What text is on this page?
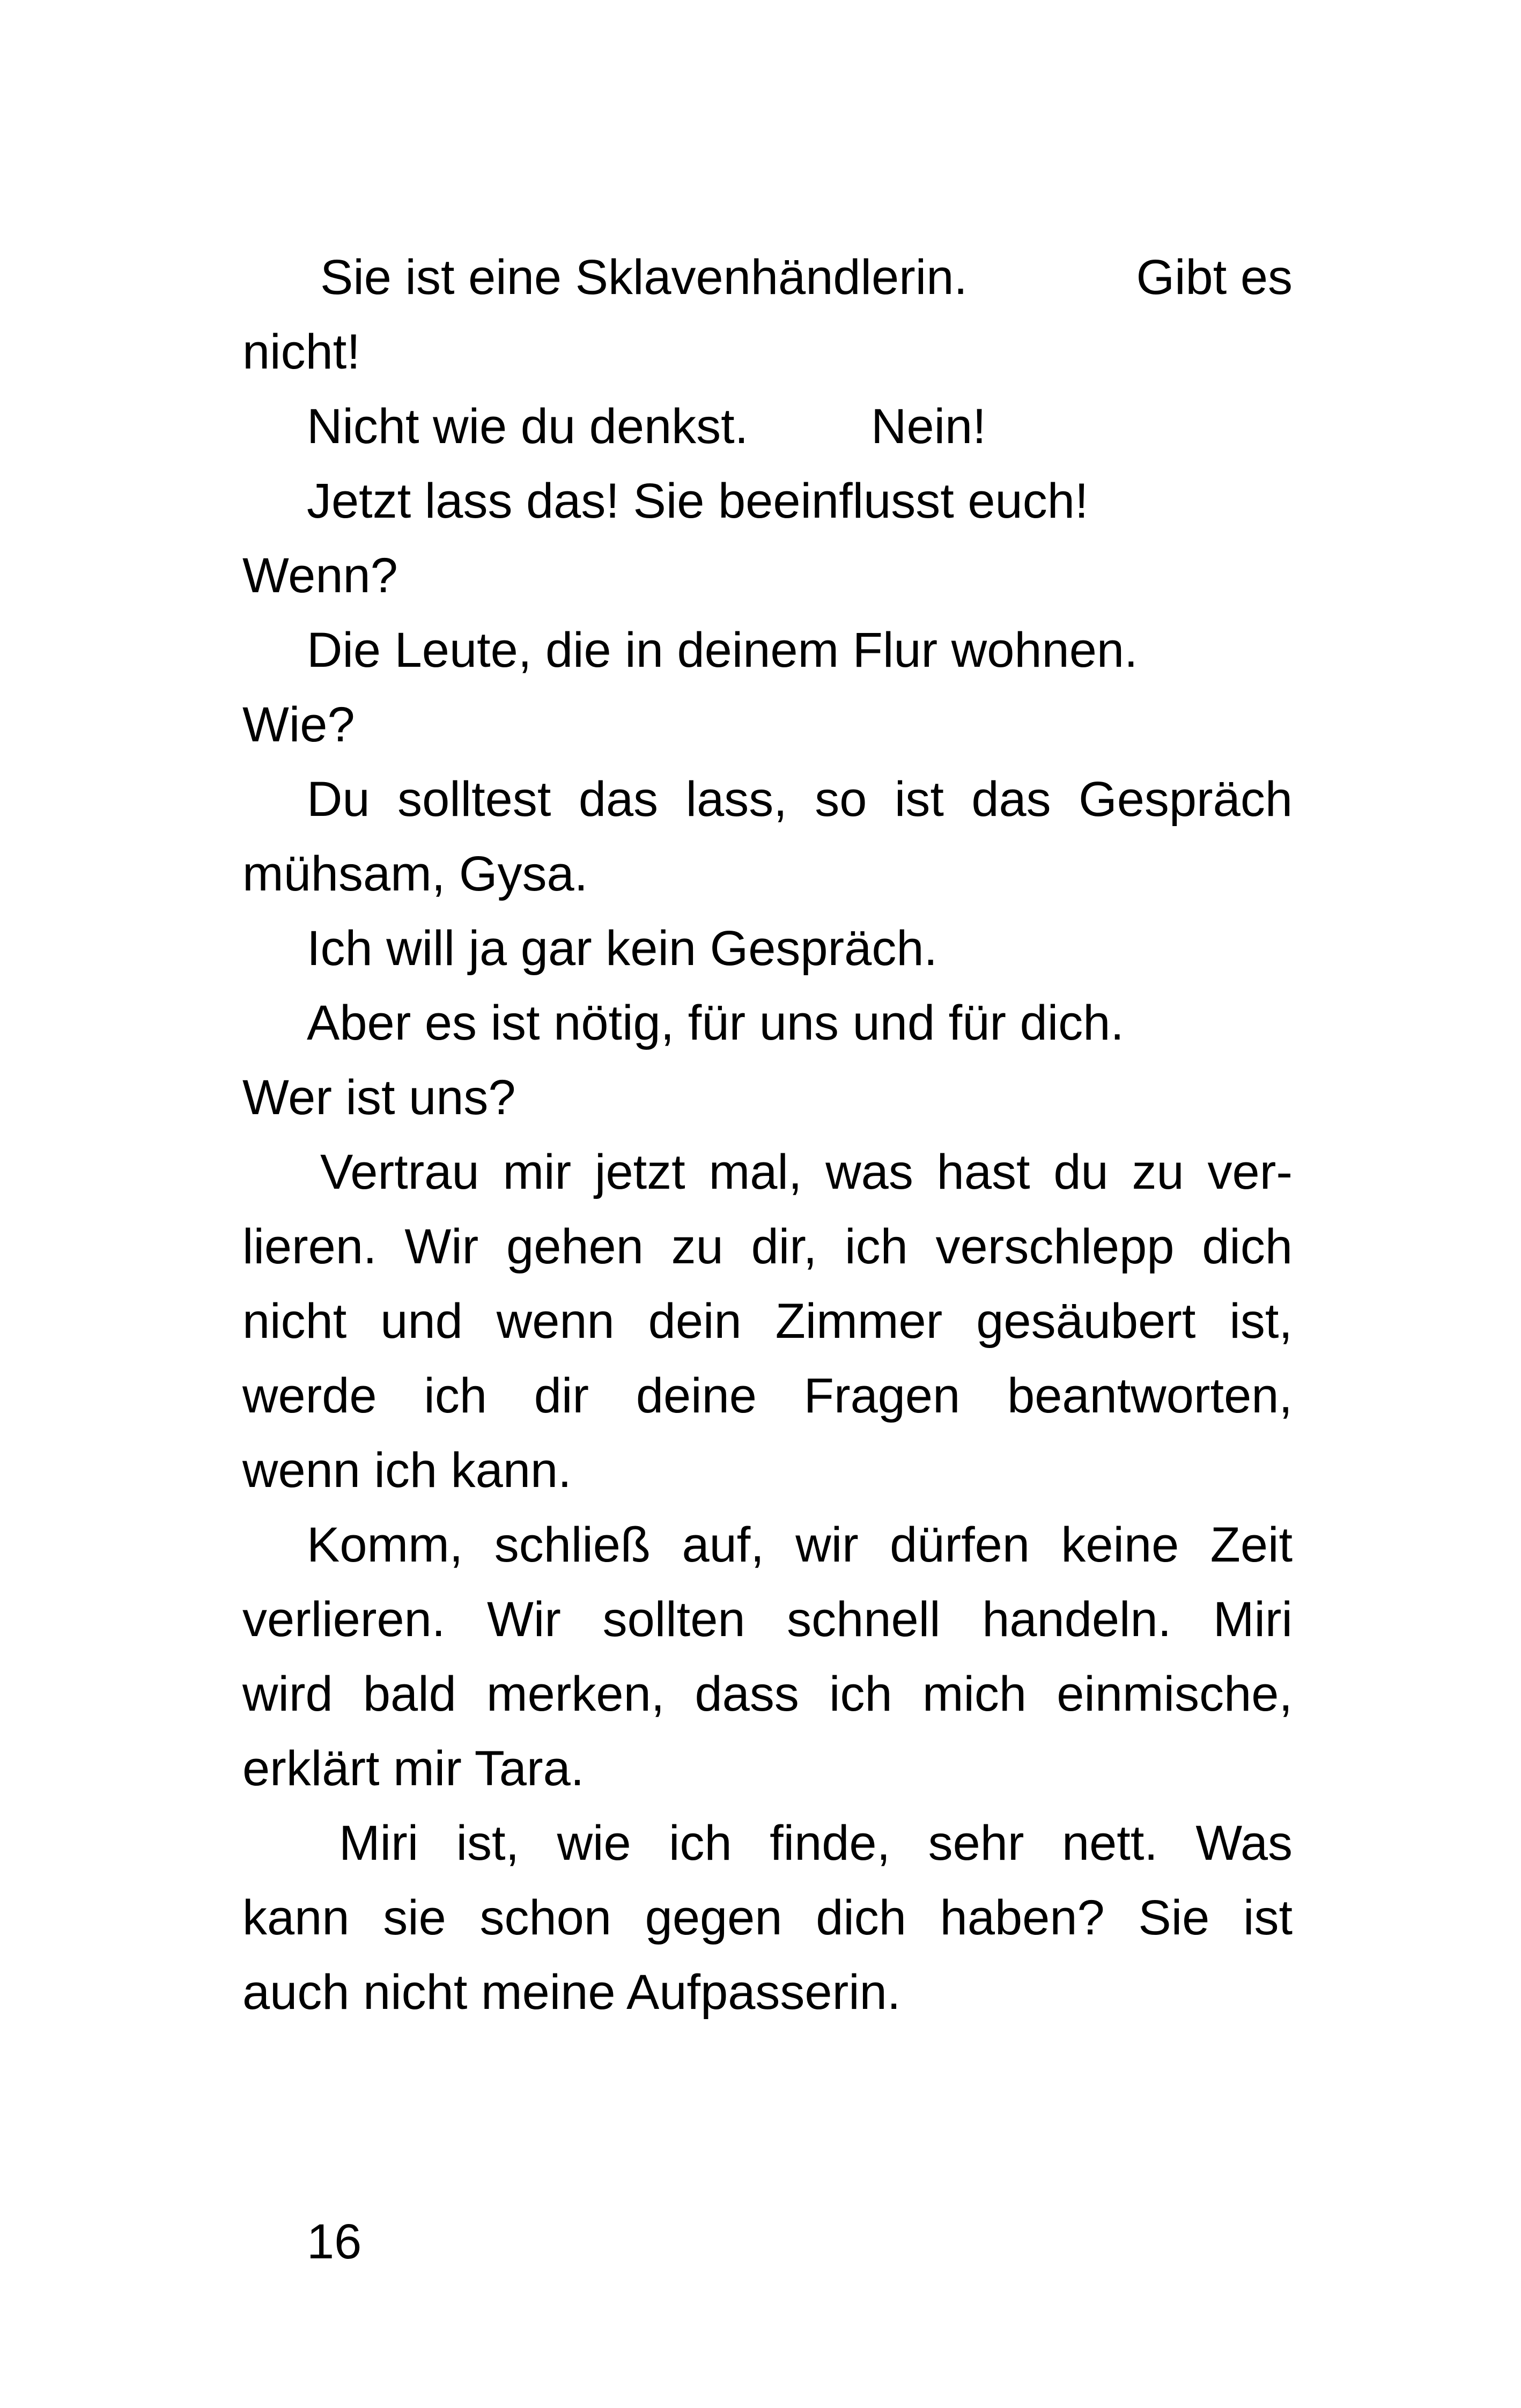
Sie ist eine Sklavenhändlerin.	Gibt es
nicht!
Nicht wie du denkst. Nein!
Jetzt lass das! Sie beeinflusst euch!
Wenn?
Die Leute, die in deinem Flur wohnen.
Wie?
Du solltest das lass, so ist das Gespräch
mühsam, Gysa.
Ich will ja gar kein Gespräch.
Aber es ist nötig, für uns und für dich.
Wer ist uns?
Vertrau mir jetzt mal, was hast du zu ver-
lieren. Wir gehen zu dir, ich verschlepp dich
nicht und wenn dein Zimmer gesäubert ist,
werde ich dir deine Fragen beantworten,
wenn ich kann.
Komm, schließ auf, wir dürfen keine Zeit
verlieren. Wir sollten schnell handeln. Miri
wird bald merken, dass ich mich einmische,
erklärt mir Tara.
Miri ist, wie ich finde, sehr nett. Was
kann sie schon gegen dich haben? Sie ist
auch nicht meine Aufpasserin.
16
